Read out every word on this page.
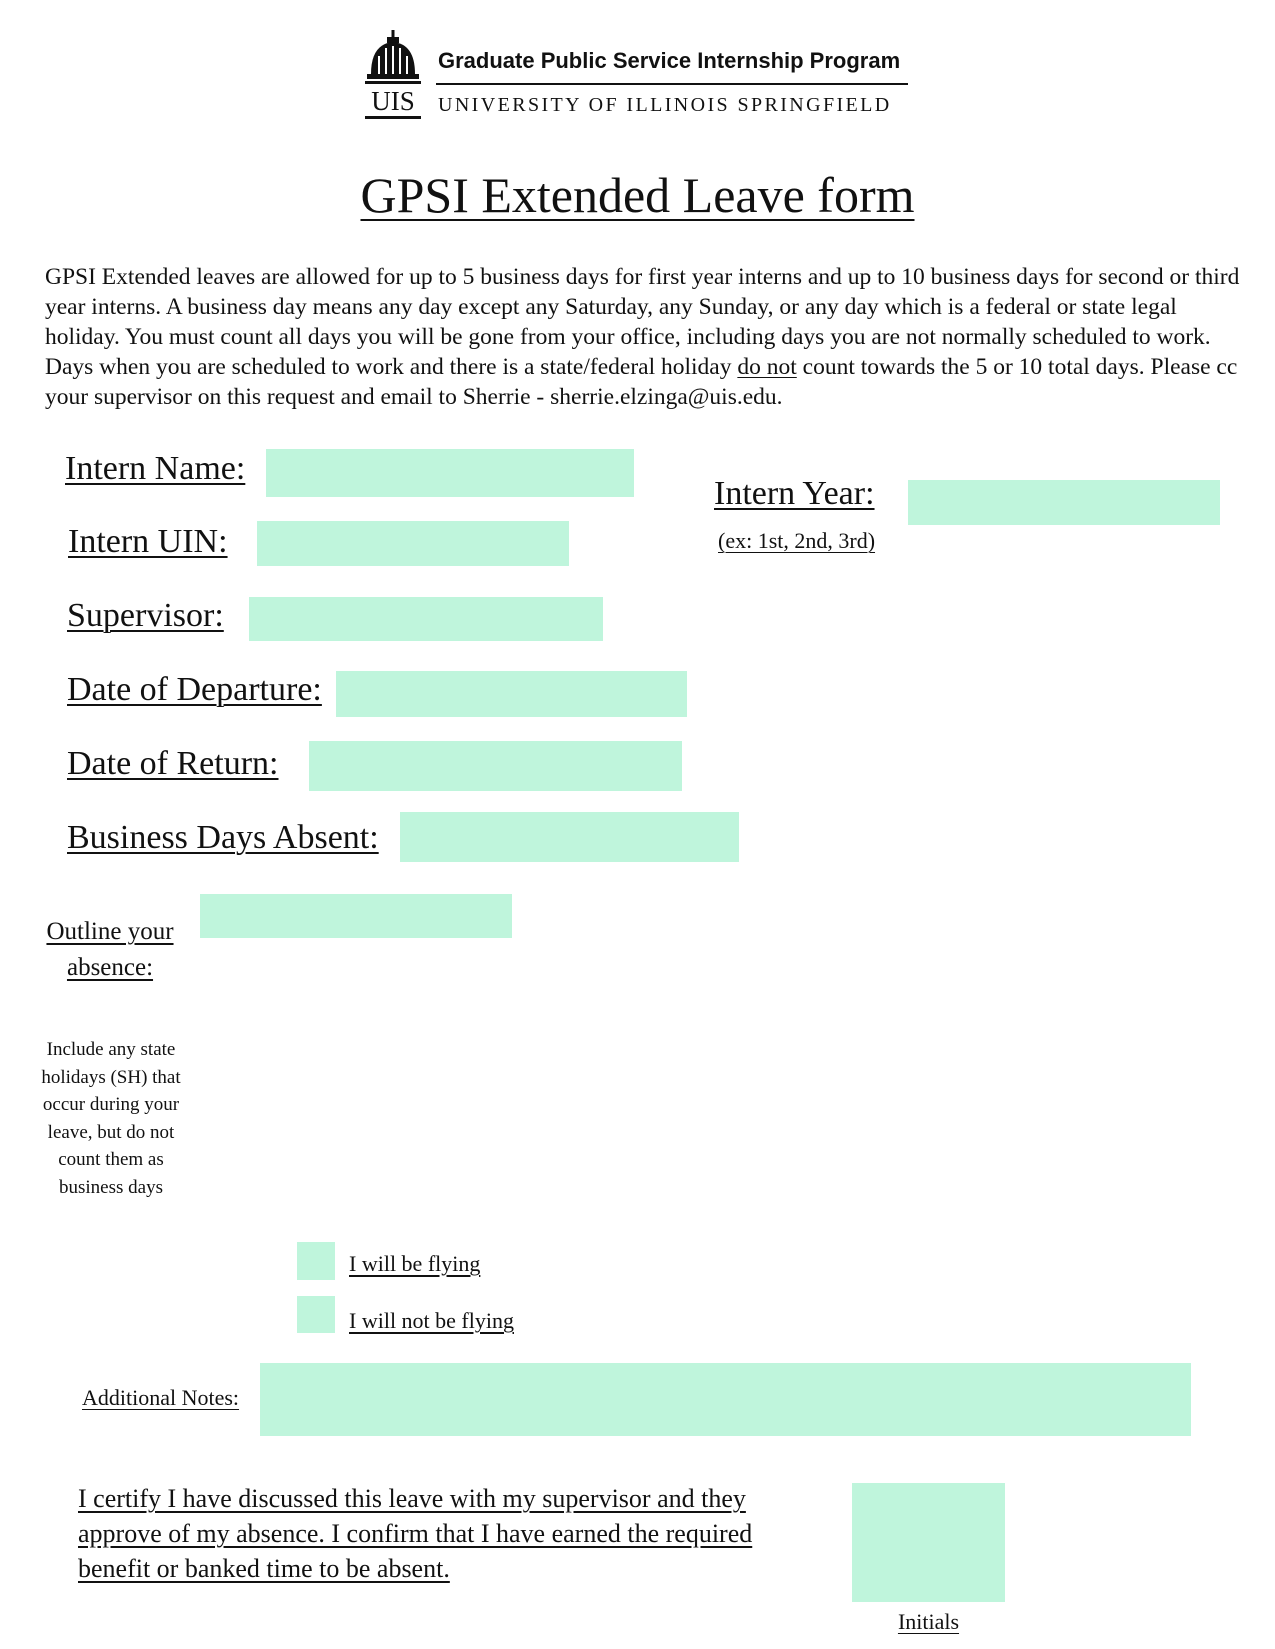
UIS
Graduate Public Service Internship Program
UNIVERSITY OF ILLINOIS SPRINGFIELD
GPSI Extended Leave form
GPSI Extended leaves are allowed for up to 5 business days for first year interns and up to 10 business days for second or third year interns. A business day means any day except any Saturday, any Sunday, or any day which is a federal or state legal holiday. You must count all days you will be gone from your office, including days you are not normally scheduled to work. Days when you are scheduled to work and there is a state/federal holiday do not count towards the 5 or 10 total days. Please cc your supervisor on this request and email to Sherrie - sherrie.elzinga@uis.edu.
Intern Name:
Intern UIN:
Supervisor:
Date of Departure:
Date of Return:
Business Days Absent:
Intern Year:
(ex: 1st, 2nd, 3rd)
Outline your
absence:
Include any state holidays (SH) that occur during your leave, but do not count them as business days
I will be flying
I will not be flying
Additional Notes:
I certify I have discussed this leave with my supervisor and they approve of my absence. I confirm that I have earned the required benefit or banked time to be absent.
Initials
